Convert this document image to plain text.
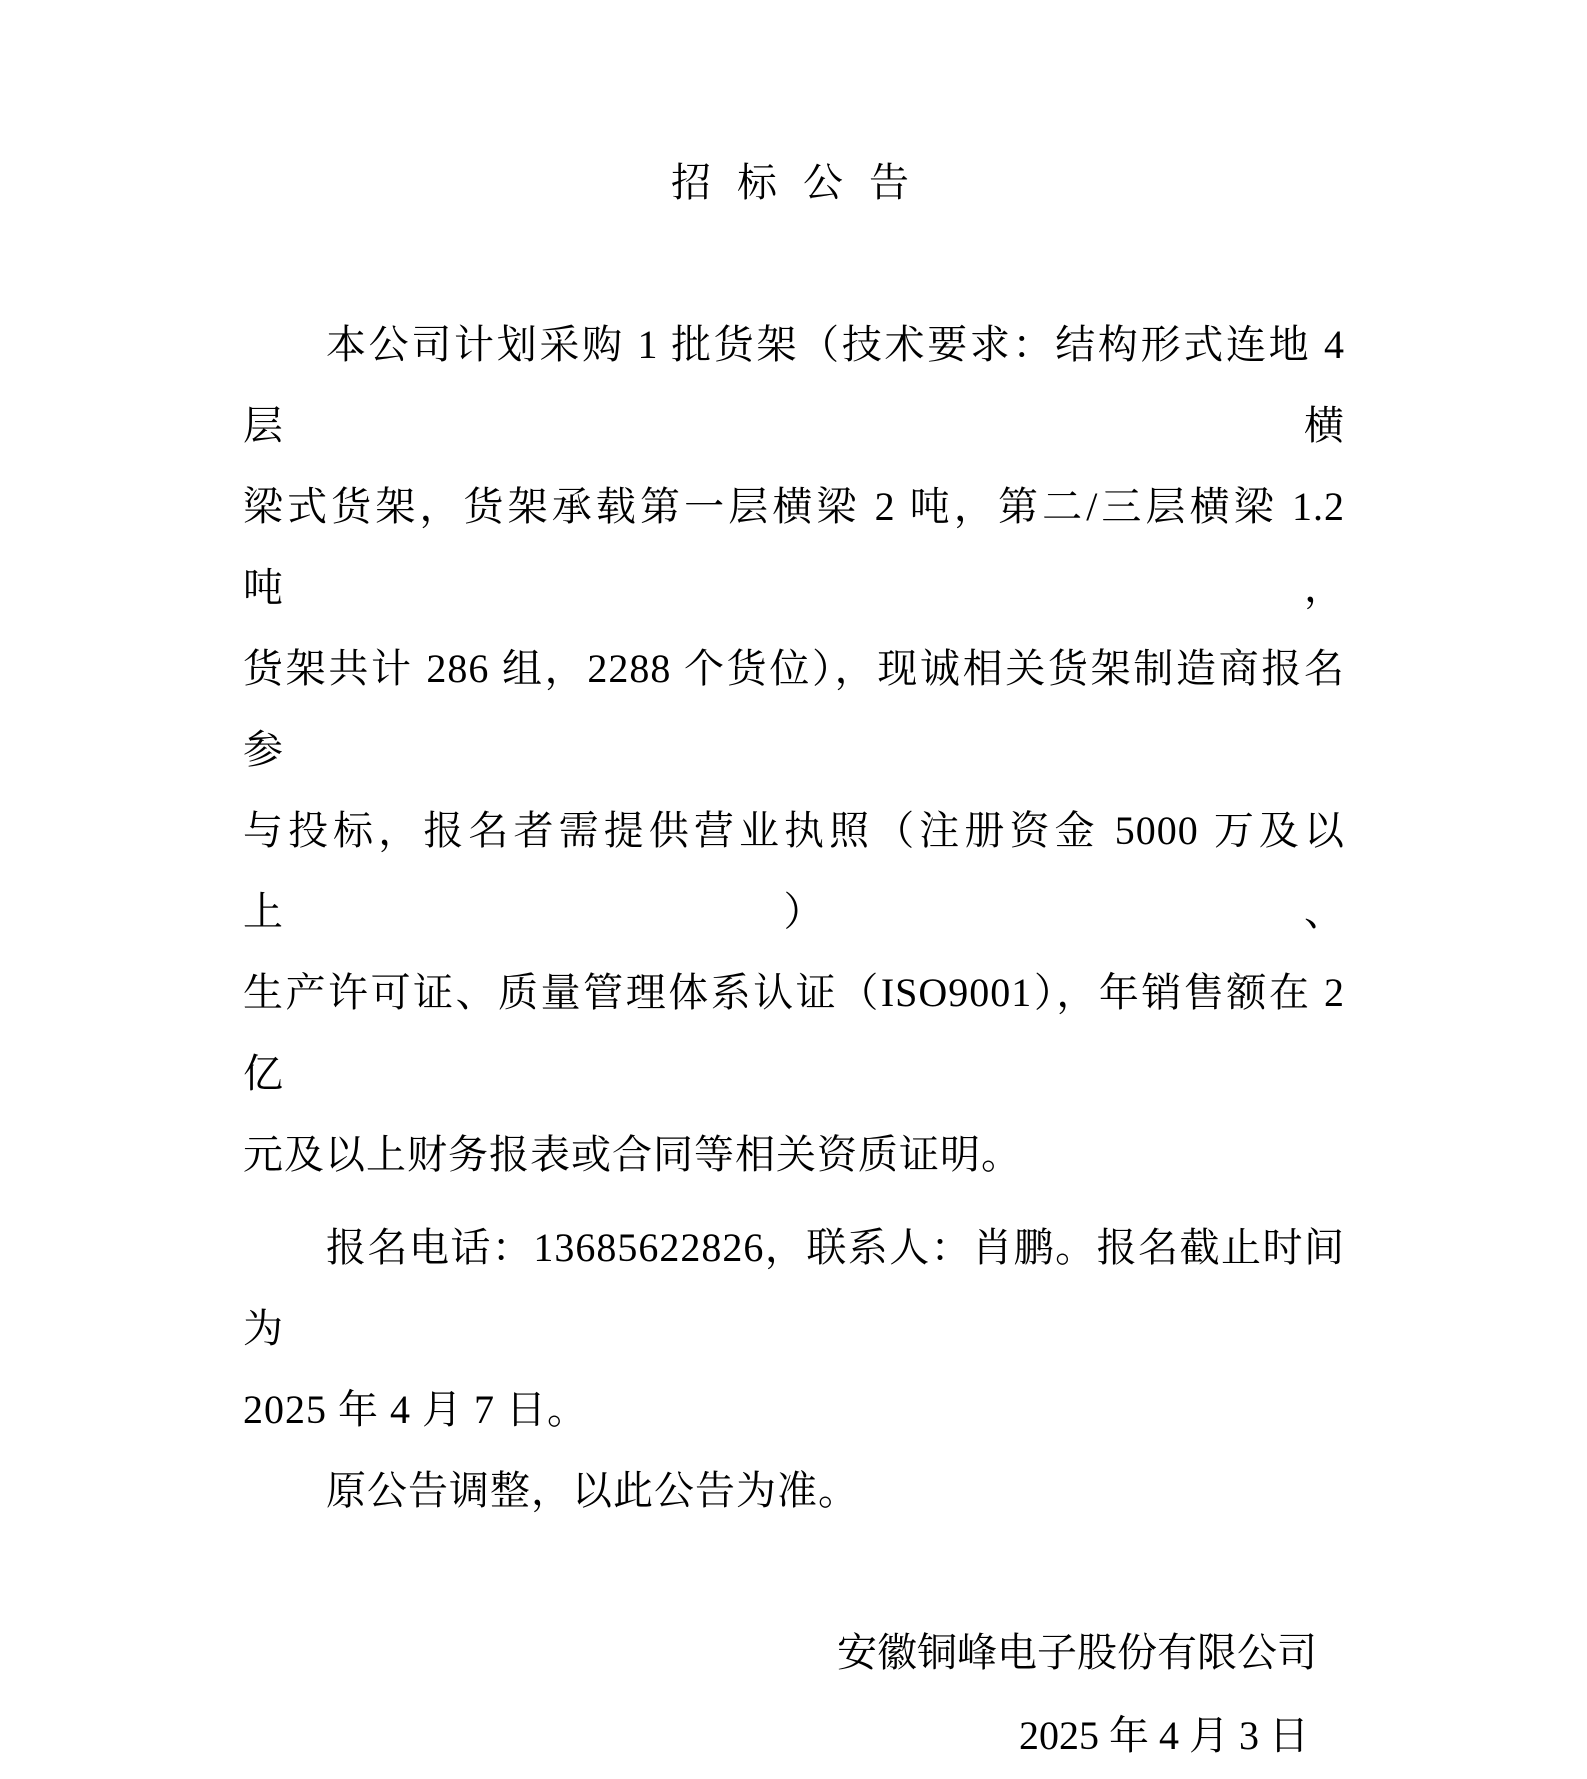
招 标 公 告
本公司计划采购 1 批货架（技术要求：结构形式连地 4 层横
梁式货架，货架承载第一层横梁 2 吨，第二/三层横梁 1.2 吨，
货架共计 286 组，2288 个货位），现诚相关货架制造商报名参
与投标，报名者需提供营业执照（注册资金 5000 万及以上）、
生产许可证、质量管理体系认证（ISO9001），年销售额在 2 亿
元及以上财务报表或合同等相关资质证明。
报名电话：13685622826，联系人：肖鹏。报名截止时间为
2025 年 4 月 7 日。
原公告调整，以此公告为准。
安徽铜峰电子股份有限公司
2025 年 4 月 3 日
